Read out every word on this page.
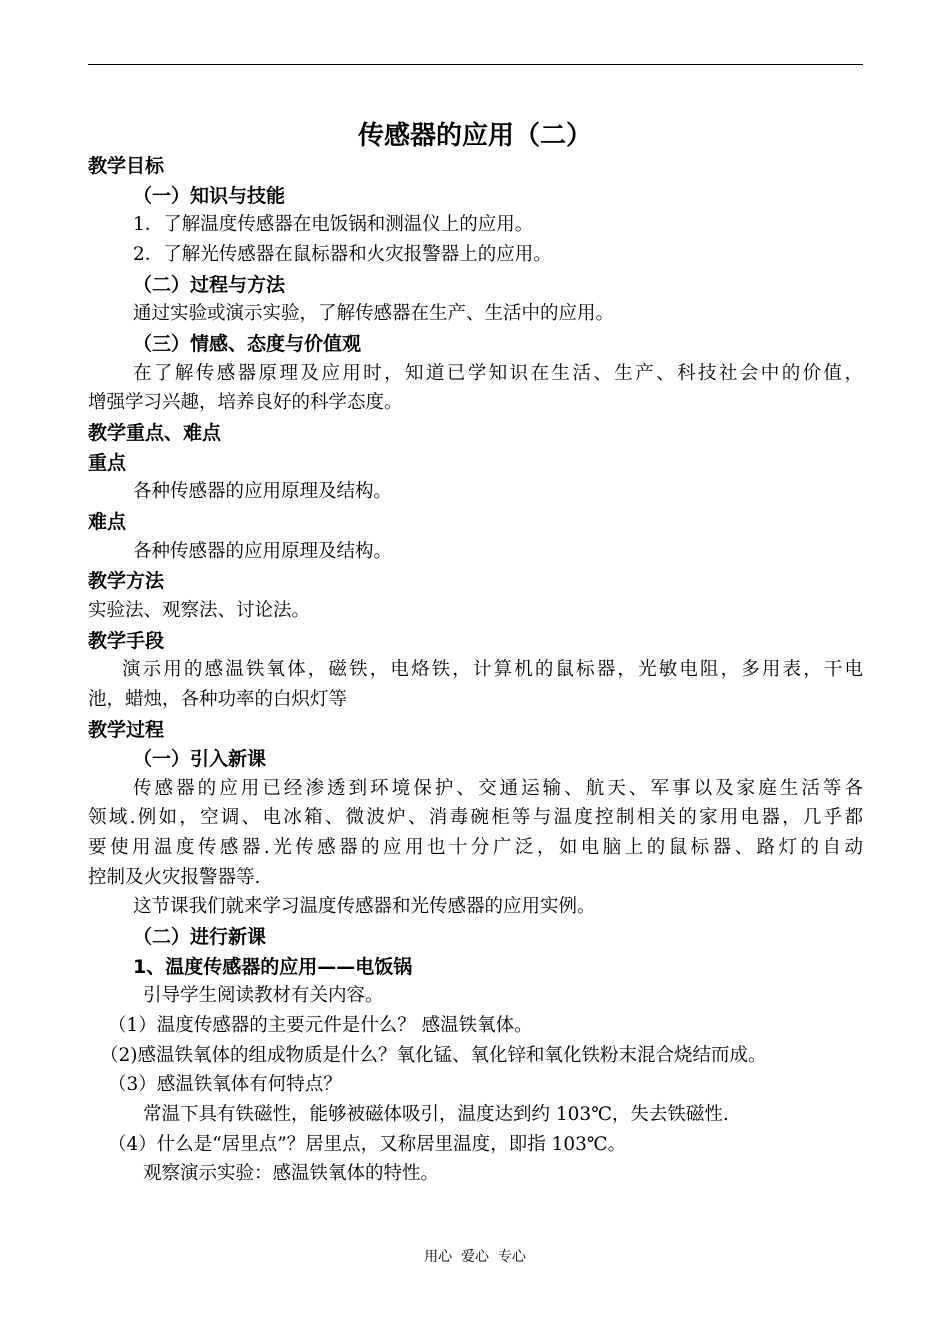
传感器的应用（二）
教学目标
（一）知识与技能
1．了解温度传感器在电饭锅和测温仪上的应用。
2．了解光传感器在鼠标器和火灾报警器上的应用。
（二）过程与方法
通过实验或演示实验，了解传感器在生产、生活中的应用。
（三）情感、态度与价值观
在了解传感器原理及应用时，知道已学知识在生活、生产、科技社会中的价值，
增强学习兴趣，培养良好的科学态度。
教学重点、难点
重点
各种传感器的应用原理及结构。
难点
各种传感器的应用原理及结构。
教学方法
实验法、观察法、讨论法。
教学手段
演示用的感温铁氧体，磁铁，电烙铁，计算机的鼠标器，光敏电阻，多用表，干电
池，蜡烛，各种功率的白炽灯等
教学过程
（一）引入新课
传感器的应用已经渗透到环境保护、交通运输、航天、军事以及家庭生活等各
领域.例如，空调、电冰箱、微波炉、消毒碗柜等与温度控制相关的家用电器，几乎都
要使用温度传感器.光传感器的应用也十分广泛，如电脑上的鼠标器、路灯的自动
控制及火灾报警器等.
这节课我们就来学习温度传感器和光传感器的应用实例。
（二）进行新课
1、温度传感器的应用——电饭锅
引导学生阅读教材有关内容。
（1）温度传感器的主要元件是什么？ 感温铁氧体。
（2)感温铁氧体的组成物质是什么？氧化锰、氧化锌和氧化铁粉末混合烧结而成。
（3）感温铁氧体有何特点？
常温下具有铁磁性，能够被磁体吸引，温度达到约 103℃，失去铁磁性.
（4）什么是“居里点”？居里点，又称居里温度，即指 103℃。
观察演示实验：感温铁氧体的特性。
用心  爱心  专心
